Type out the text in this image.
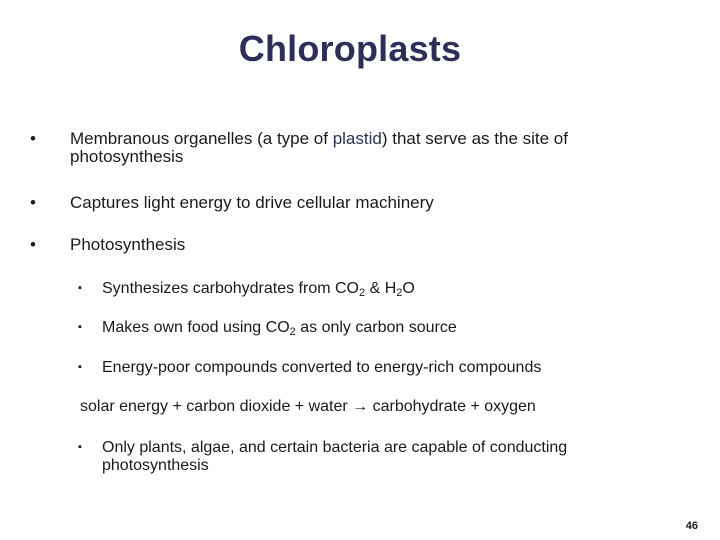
Chloroplasts
•	Membranous organelles (a type of plastid) that serve as the site of
photosynthesis
•	Captures light energy to drive cellular machinery
•	Photosynthesis
▪ Synthesizes carbohydrates from $CO_2$ & $H_2O$
▪ Makes own food using $CO_2$ as only carbon source
▪ Energy-poor compounds converted to energy-rich compounds
solar energy + carbon dioxide + water → carbohydrate + oxygen
▪ Only plants, algae, and certain bacteria are capable of conducting
photosynthesis
46
